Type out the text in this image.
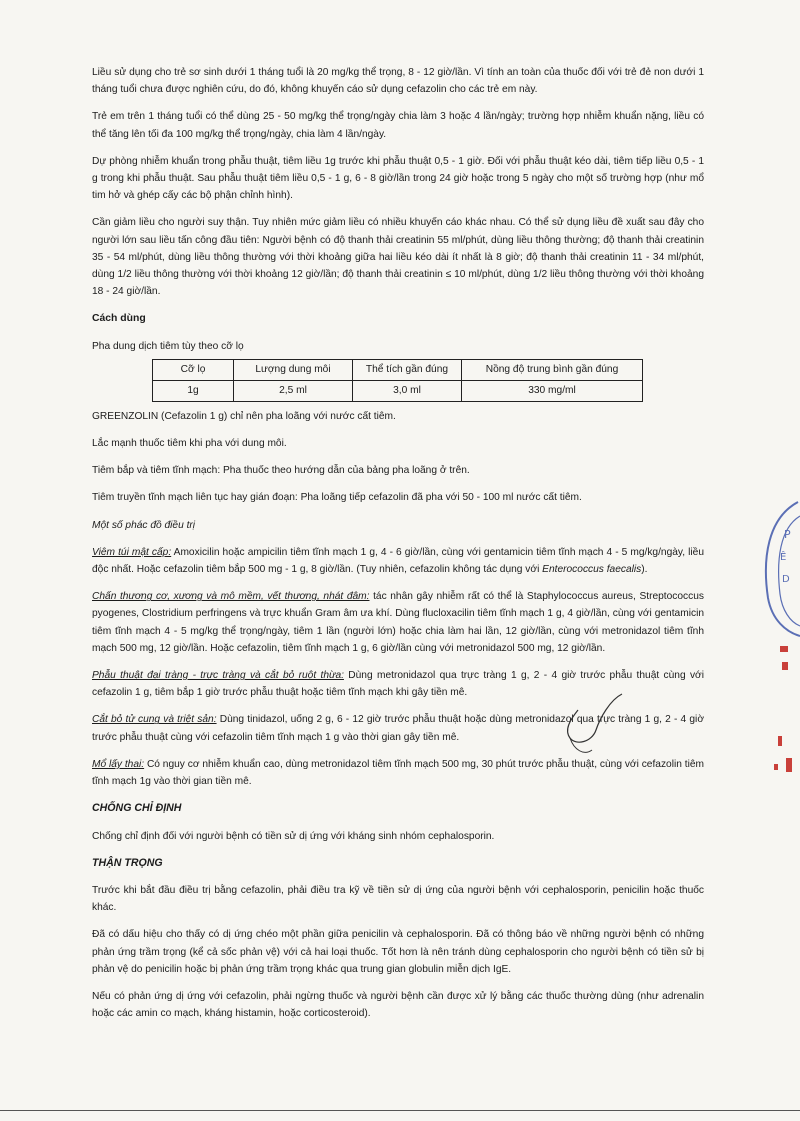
Liều sử dụng cho trẻ sơ sinh dưới 1 tháng tuổi là 20 mg/kg thể trọng, 8 - 12 giờ/lần. Vì tính an toàn của thuốc đối với trẻ đẻ non dưới 1 tháng tuổi chưa được nghiên cứu, do đó, không khuyến cáo sử dụng cefazolin cho các trẻ em này.

Trẻ em trên 1 tháng tuổi có thể dùng 25 - 50 mg/kg thể trọng/ngày chia làm 3 hoặc 4 lần/ngày; trường hợp nhiễm khuẩn nặng, liều có thể tăng lên tối đa 100 mg/kg thể trọng/ngày, chia làm 4 lần/ngày.

Dự phòng nhiễm khuẩn trong phẫu thuật, tiêm liều 1g trước khi phẫu thuật 0,5 - 1 giờ. Đối với phẫu thuật kéo dài, tiêm tiếp liều 0,5 - 1 g trong khi phẫu thuật. Sau phẫu thuật tiêm liều 0,5 - 1 g, 6 - 8 giờ/lần trong 24 giờ hoặc trong 5 ngày cho một số trường hợp (như mổ tim hở và ghép cấy các bộ phận chỉnh hình).

Cần giảm liều cho người suy thận. Tuy nhiên mức giảm liều có nhiều khuyến cáo khác nhau. Có thể sử dụng liều đề xuất sau đây cho người lớn sau liều tấn công đầu tiên: Người bệnh có độ thanh thải creatinin 55 ml/phút, dùng liều thông thường; độ thanh thải creatinin 35 - 54 ml/phút, dùng liều thông thường với thời khoảng giữa hai liều kéo dài ít nhất là 8 giờ; độ thanh thải creatinin 11 - 34 ml/phút, dùng 1/2 liều thông thường với thời khoảng 12 giờ/lần; độ thanh thải creatinin ≤ 10 ml/phút, dùng 1/2 liều thông thường với thời khoảng 18 - 24 giờ/lần.

Cách dùng

Pha dung dịch tiêm tùy theo cỡ lọ

Cỡ lọ	Lượng dung môi	Thể tích gần đúng	Nồng độ trung bình gần đúng
1g	2,5 ml	3,0 ml	330 mg/ml

GREENZOLIN (Cefazolin 1 g) chỉ nên pha loãng với nước cất tiêm.

Lắc mạnh thuốc tiêm khi pha với dung môi.

Tiêm bắp và tiêm tĩnh mạch: Pha thuốc theo hướng dẫn của bảng pha loãng ở trên.

Tiêm truyền tĩnh mạch liên tục hay gián đoạn: Pha loãng tiếp cefazolin đã pha với 50 - 100 ml nước cất tiêm.

Một số phác đồ điều trị

Viêm túi mật cấp: Amoxicilin hoặc ampicilin tiêm tĩnh mạch 1 g, 4 - 6 giờ/lần, cùng với gentamicin tiêm tĩnh mạch 4 - 5 mg/kg/ngày, liều độc nhất. Hoặc cefazolin tiêm bắp 500 mg - 1 g, 8 giờ/lần. (Tuy nhiên, cefazolin không tác dụng với Enterococcus faecalis).

Chấn thương cơ, xương và mô mềm, vết thương, nhát đâm: tác nhân gây nhiễm rất có thể là Staphylococcus aureus, Streptococcus pyogenes, Clostridium perfringens và trực khuẩn Gram âm ưa khí. Dùng flucloxacilin tiêm tĩnh mạch 1 g, 4 giờ/lần, cùng với gentamicin tiêm tĩnh mạch 4 - 5 mg/kg thể trọng/ngày, tiêm 1 lần (người lớn) hoặc chia làm hai lần, 12 giờ/lần, cùng với metronidazol tiêm tĩnh mạch 500 mg, 12 giờ/lần. Hoặc cefazolin, tiêm tĩnh mạch 1 g, 6 giờ/lần cùng với metronidazol 500 mg, 12 giờ/lần.

Phẫu thuật đại tràng - trực tràng và cắt bỏ ruột thừa: Dùng metronidazol qua trực tràng 1 g, 2 - 4 giờ trước phẫu thuật cùng với cefazolin 1 g, tiêm bắp 1 giờ trước phẫu thuật hoặc tiêm tĩnh mạch khi gây tiền mê.

Cắt bỏ tử cung và triệt sản: Dùng tinidazol, uống 2 g, 6 - 12 giờ trước phẫu thuật hoặc dùng metronidazol qua trực tràng 1 g, 2 - 4 giờ trước phẫu thuật cùng với cefazolin tiêm tĩnh mạch 1 g vào thời gian gây tiền mê.

Mổ lấy thai: Có nguy cơ nhiễm khuẩn cao, dùng metronidazol tiêm tĩnh mạch 500 mg, 30 phút trước phẫu thuật, cùng với cefazolin tiêm tĩnh mạch 1g vào thời gian tiền mê.

CHỐNG CHỈ ĐỊNH

Chống chỉ định đối với người bệnh có tiền sử dị ứng với kháng sinh nhóm cephalosporin.

THẬN TRỌNG

Trước khi bắt đầu điều trị bằng cefazolin, phải điều tra kỹ về tiền sử dị ứng của người bệnh với cephalosporin, penicilin hoặc thuốc khác.

Đã có dấu hiệu cho thấy có dị ứng chéo một phần giữa penicilin và cephalosporin. Đã có thông báo về những người bệnh có những phản ứng trầm trọng (kể cả sốc phản vệ) với cả hai loại thuốc. Tốt hơn là nên tránh dùng cephalosporin cho người bệnh có tiền sử bị phản vệ do penicilin hoặc bị phản ứng trầm trọng khác qua trung gian globulin miễn dịch IgE.

Nếu có phản ứng dị ứng với cefazolin, phải ngừng thuốc và người bệnh cần được xử lý bằng các thuốc thường dùng (như adrenalin hoặc các amin co mạch, kháng histamin, hoặc corticosteroid).

P
Ê
D
